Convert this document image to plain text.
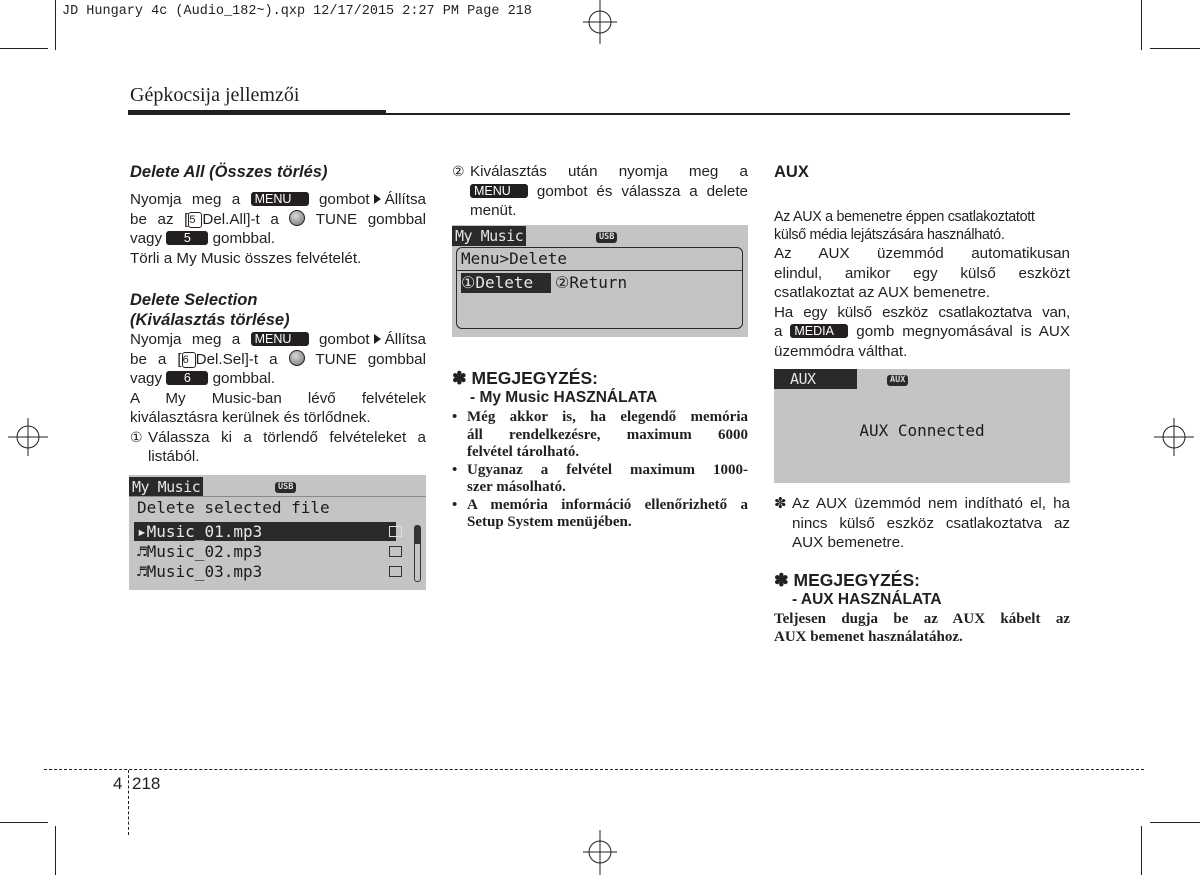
JD Hungary 4c (Audio_182~).qxp 12/17/2015 2:27 PM Page 218
Gépkocsija jellemzői

Delete All (Összes törlés)

Nyomja meg a MENU gombot Állítsa

be az [5 Del.All]-t a TUNE gombbal

vagy 5 gombbal.

Törli a My Music összes felvételét.

Delete Selection

(Kiválasztás törlése)

Nyomja meg a MENU gombot Állítsa

be a [6 Del.Sel]-t a TUNE gombbal

vagy 6 gombbal.

A My Music-ban lévő felvételek

kiválasztásra kerülnek és törlődnek.

① Válassza ki a törlendő felvételeket a

listából.

My Music	USB
Delete selected file
▸Music_01.mp3
♬Music_02.mp3
♬Music_03.mp3

② Kiválasztás után nyomja meg a

MENU gombot és válassza a delete

menüt.

My Music	USB
Menu>Delete
①Delete	②Return

✽ MEGJEGYZÉS:

- My Music HASZNÁLATA

• Még akkor is, ha elegendő memória
áll rendelkezésre, maximum 6000
felvétel tárolható.
• Ugyanaz a felvétel maximum 1000-
szer másolható.
• A memória információ ellenőrizhető a
Setup System menüjében.

AUX

Az AUX a bemenetre éppen csatlakoztatott

külső média lejátszására használható.

Az AUX üzemmód automatikusan

elindul, amikor egy külső eszközt

csatlakoztat az AUX bemenetre.

Ha egy külső eszköz csatlakoztatva van,

a MEDIA gomb megnyomásával is AUX

üzemmódra válthat.

AUX	AUX
AUX Connected

✽ Az AUX üzemmód nem indítható el, ha

nincs külső eszköz csatlakoztatva az

AUX bemenetre.

✽ MEGJEGYZÉS:

- AUX HASZNÁLATA

Teljesen dugja be az AUX kábelt az

AUX bemenet használatához.

4 218
